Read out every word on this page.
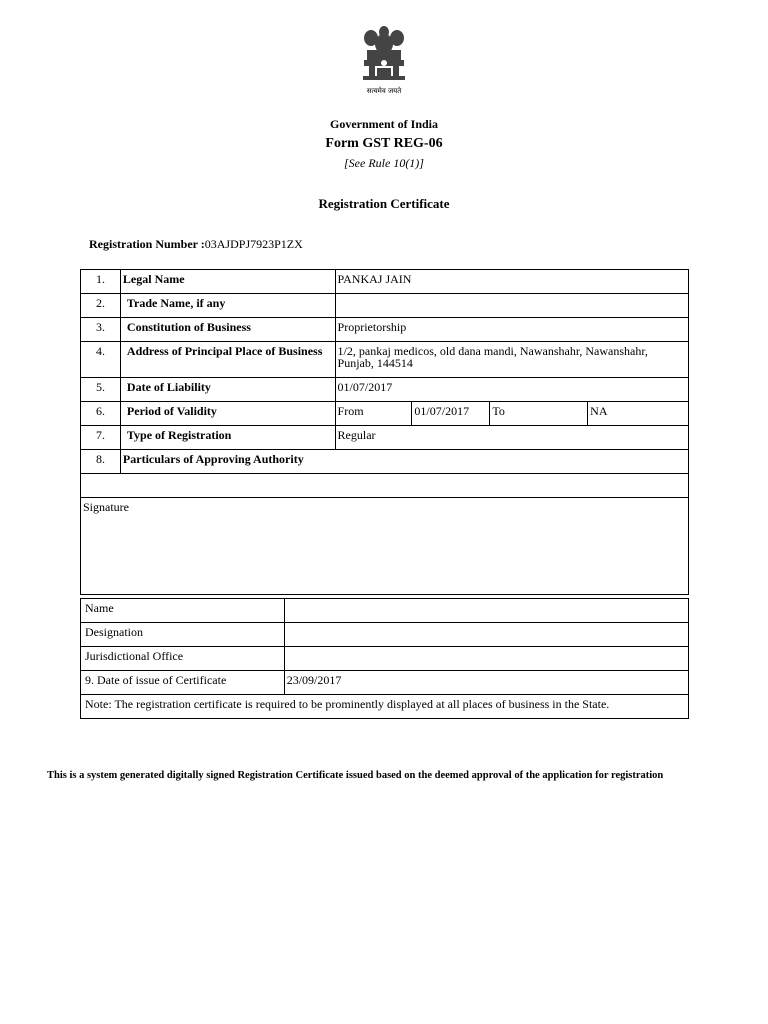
सत्यमेव जयते
Government of India
Form GST REG-06
[See Rule 10(1)]
Registration Certificate
Registration Number :03AJDPJ7923P1ZX
1.	Legal Name	PANKAJ JAIN			
2.	Trade Name, if any				
3.	Constitution of Business	Proprietorship			
4.	Address of Principal Place of Business	1/2, pankaj medicos, old dana mandi, Nawanshahr, Nawanshahr, Punjab, 144514			
5.	Date of Liability	01/07/2017			
6.	Period of Validity	From	01/07/2017	To	NA
7.	Type of Registration	Regular			
8.	Particulars of Approving Authority				

Signature					
Name	
Designation	
Jurisdictional Office	
9. Date of issue of Certificate	23/09/2017
Note: The registration certificate is required to be prominently displayed at all places of business in the State.	
This is a system generated digitally signed Registration Certificate issued based on the deemed approval of the application for registration
